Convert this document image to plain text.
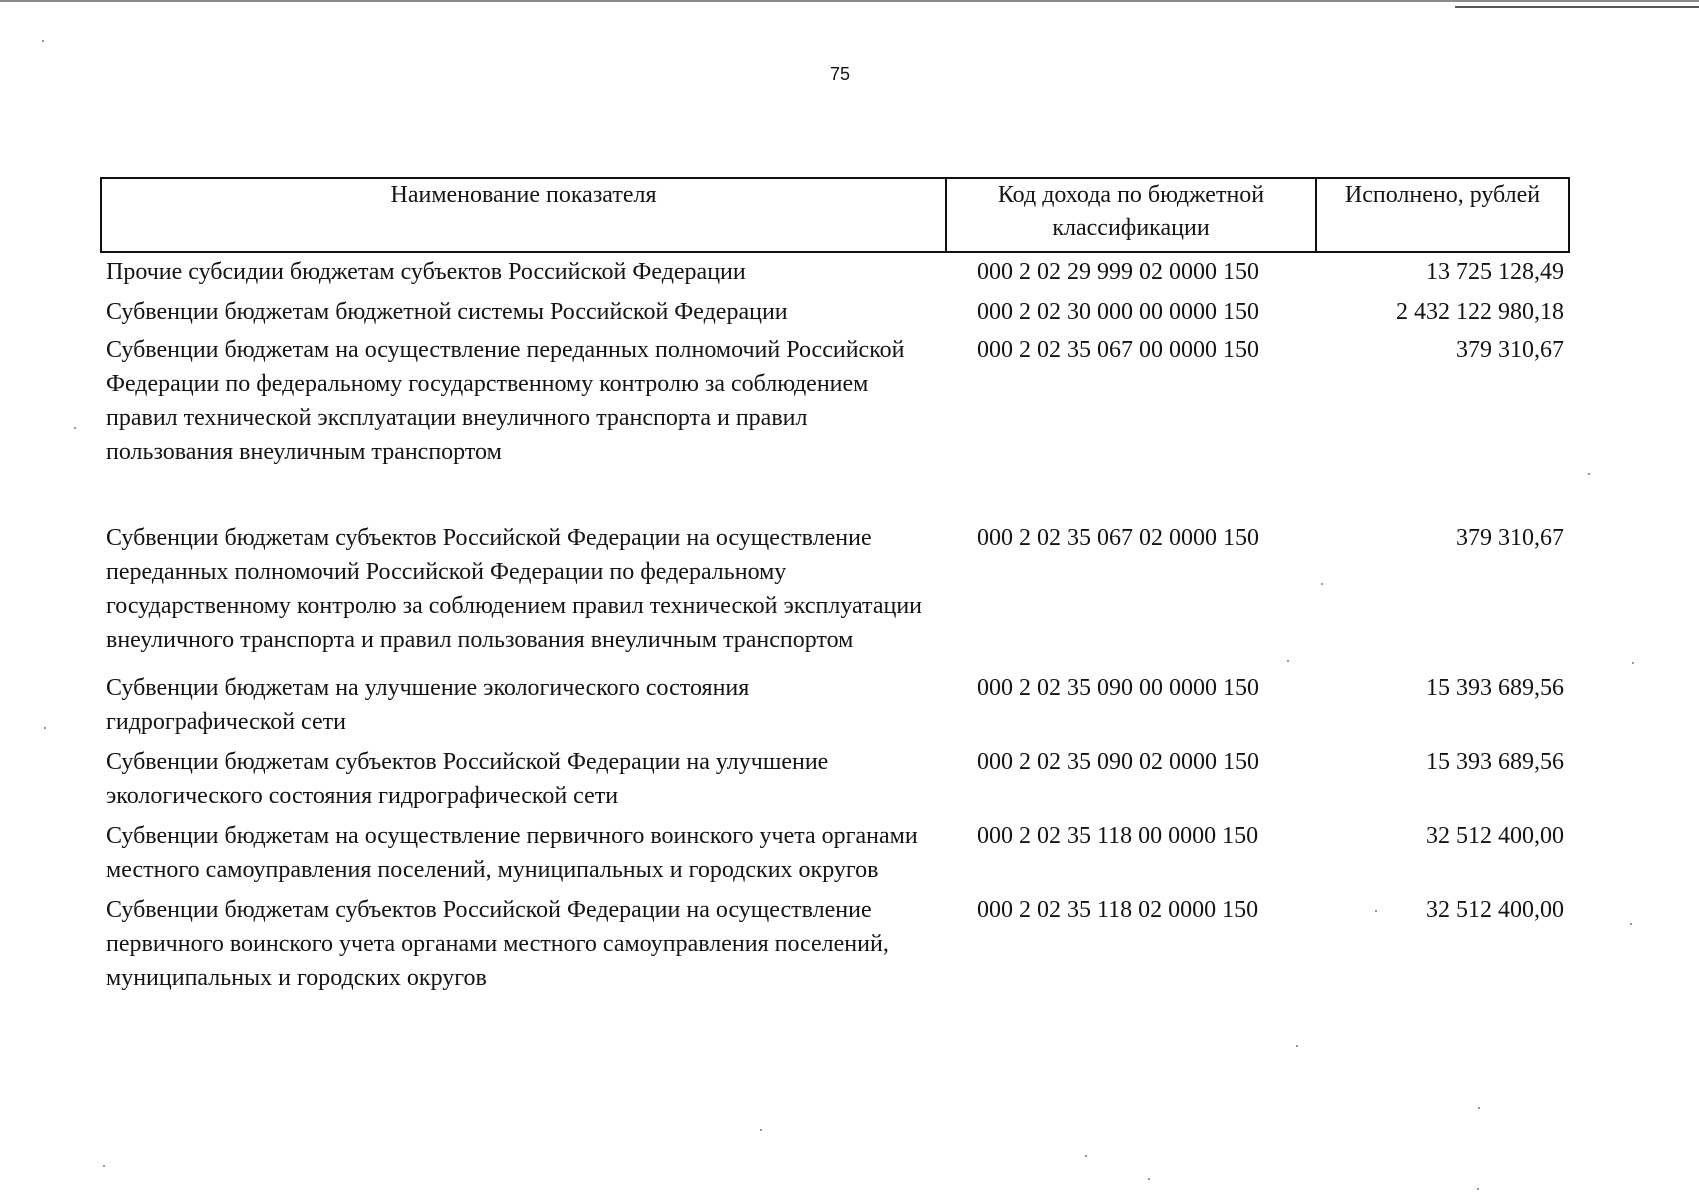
75
Наименование показателя	Код дохода по бюджетной классификации	Исполнено, рублей
Прочие субсидии бюджетам субъектов Российской Федерации	000 2 02 29 999 02 0000 150	13 725 128,49
Субвенции бюджетам бюджетной системы Российской Федерации	000 2 02 30 000 00 0000 150	2 432 122 980,18
Субвенции бюджетам на осуществление переданных полномочий Российской Федерации по федеральному государственному контролю за соблюдением правил технической эксплуатации внеуличного транспорта и правил пользования внеуличным транспортом	000 2 02 35 067 00 0000 150	379 310,67
Субвенции бюджетам субъектов Российской Федерации на осуществление переданных полномочий Российской Федерации по федеральному государственному контролю за соблюдением правил технической эксплуатации внеуличного транспорта и правил пользования внеуличным транспортом	000 2 02 35 067 02 0000 150	379 310,67
Субвенции бюджетам на улучшение экологического состояния гидрографической сети	000 2 02 35 090 00 0000 150	15 393 689,56
Субвенции бюджетам субъектов Российской Федерации на улучшение экологического состояния гидрографической сети	000 2 02 35 090 02 0000 150	15 393 689,56
Субвенции бюджетам на осуществление первичного воинского учета органами местного самоуправления поселений, муниципальных и городских округов	000 2 02 35 118 00 0000 150	32 512 400,00
Субвенции бюджетам субъектов Российской Федерации на осуществление первичного воинского учета органами местного самоуправления поселений, муниципальных и городских округов	000 2 02 35 118 02 0000 150	32 512 400,00
